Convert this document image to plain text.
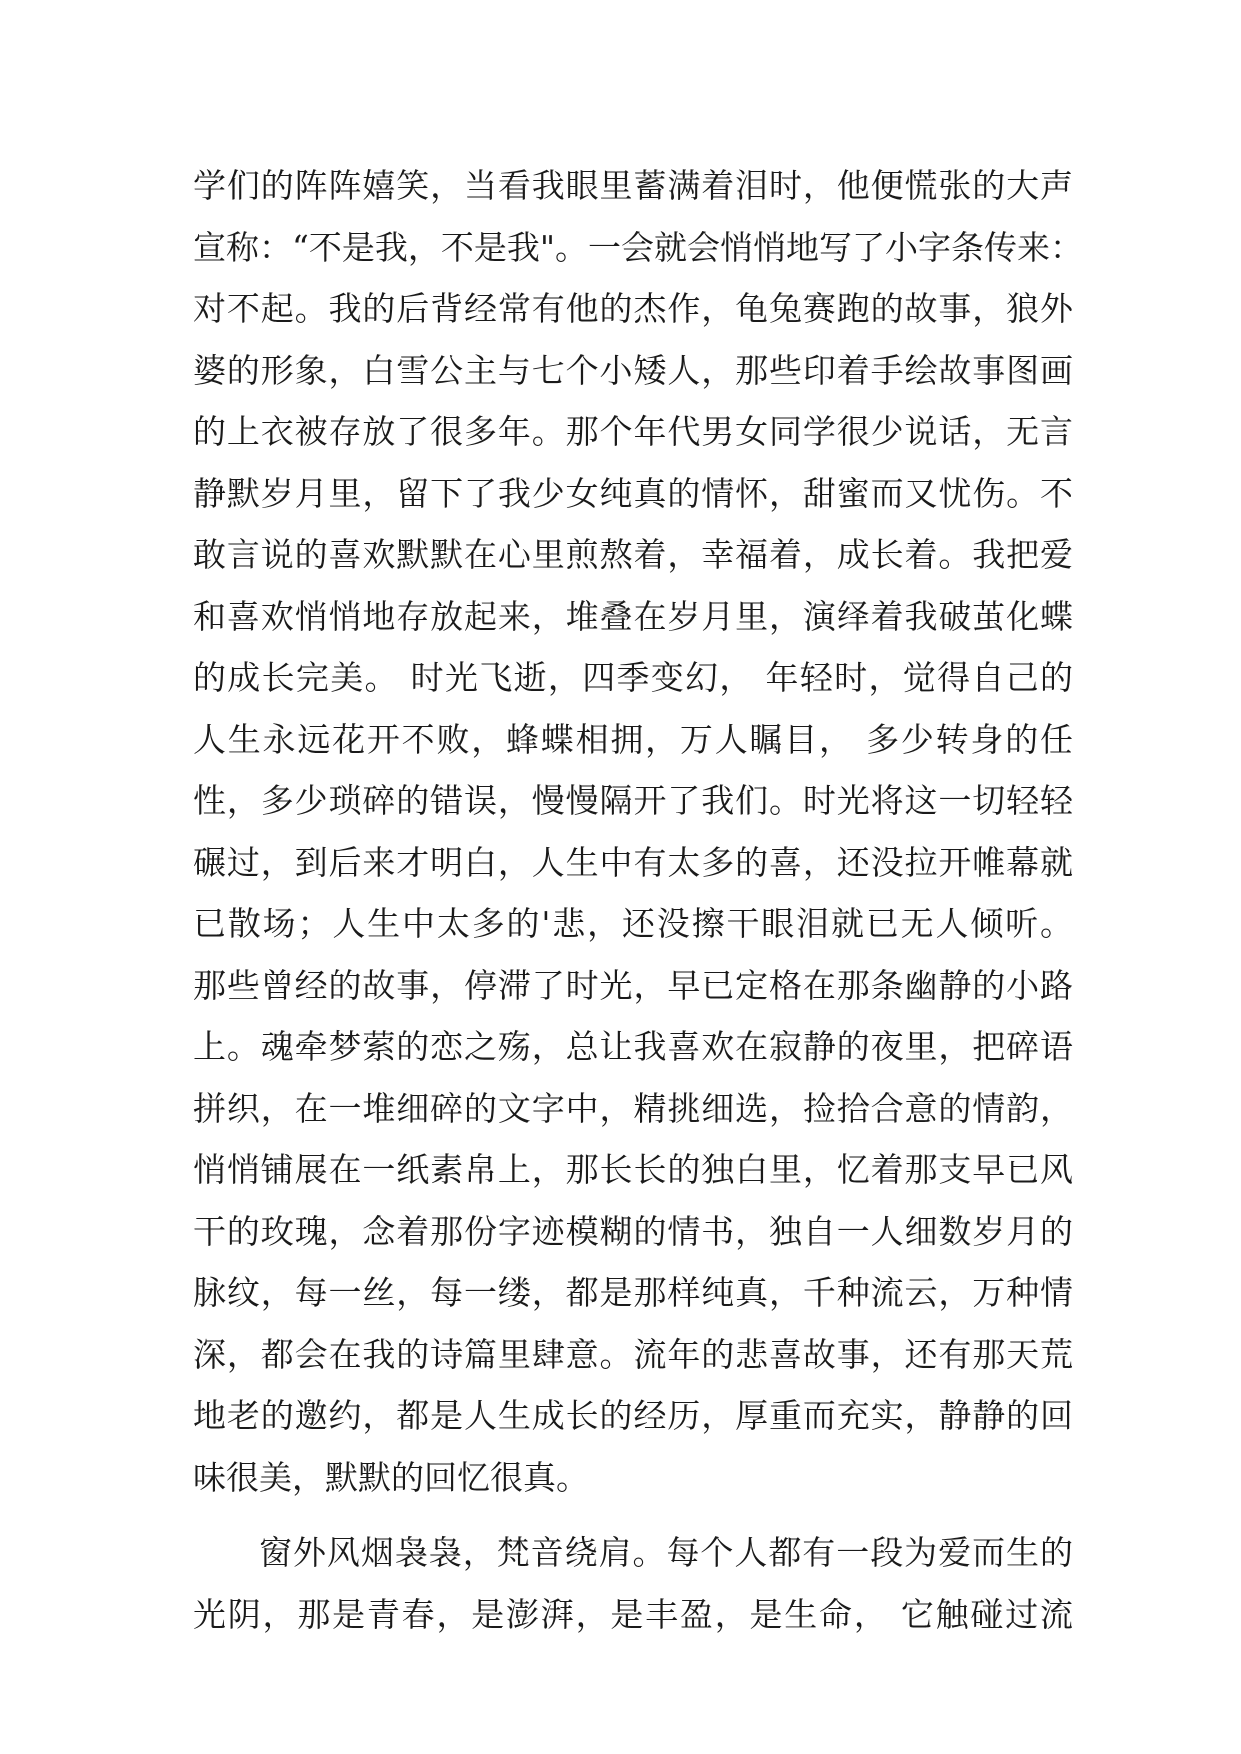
学们的阵阵嬉笑，当看我眼里蓄满着泪时，他便慌张的大声
宣称：“不是我，不是我"。一会就会悄悄地写了小字条传来：
对不起。我的后背经常有他的杰作，龟兔赛跑的故事，狼外
婆的形象，白雪公主与七个小矮人，那些印着手绘故事图画
的上衣被存放了很多年。那个年代男女同学很少说话，无言
静默岁月里，留下了我少女纯真的情怀，甜蜜而又忧伤。不
敢言说的喜欢默默在心里煎熬着，幸福着，成长着。我把爱
和喜欢悄悄地存放起来，堆叠在岁月里，演绎着我破茧化蝶
的成长完美。 时光飞逝，四季变幻， 年轻时，觉得自己的
人生永远花开不败，蜂蝶相拥，万人瞩目， 多少转身的任
性，多少琐碎的错误，慢慢隔开了我们。时光将这一切轻轻
碾过，到后来才明白，人生中有太多的喜，还没拉开帷幕就
已散场；人生中太多的'悲，还没擦干眼泪就已无人倾听。
那些曾经的故事，停滞了时光，早已定格在那条幽静的小路
上。魂牵梦萦的恋之殇，总让我喜欢在寂静的夜里，把碎语
拼织，在一堆细碎的文字中，精挑细选，捡拾合意的情韵，
悄悄铺展在一纸素帛上，那长长的独白里，忆着那支早已风
干的玫瑰，念着那份字迹模糊的情书，独自一人细数岁月的
脉纹，每一丝，每一缕，都是那样纯真，千种流云，万种情
深，都会在我的诗篇里肆意。流年的悲喜故事，还有那天荒
地老的邀约，都是人生成长的经历，厚重而充实，静静的回
味很美，默默的回忆很真。
窗外风烟袅袅，梵音绕肩。每个人都有一段为爱而生的
光阴，那是青春，是澎湃，是丰盈，是生命， 它触碰过流
